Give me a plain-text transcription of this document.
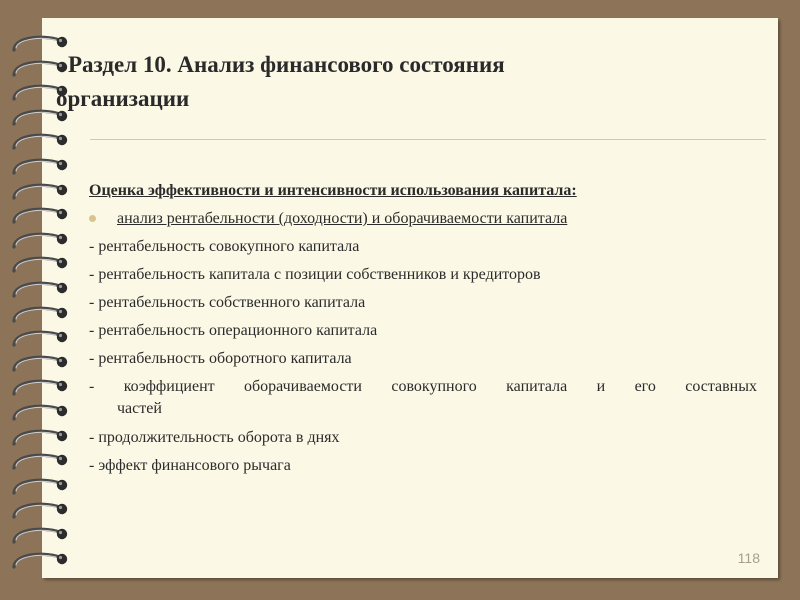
Раздел 10. Анализ финансового состояния
организации
Оценка эффективности и интенсивности использования капитала:
анализ рентабельности (доходности) и оборачиваемости капитала
- рентабельность совокупного капитала
- рентабельность капитала с позиции собственников и кредиторов
- рентабельность собственного капитала
- рентабельность операционного капитала
- рентабельность оборотного капитала
- коэффициент оборачиваемости совокупного капитала и его составных
частей
- продолжительность оборота в днях
- эффект финансового рычага
118
